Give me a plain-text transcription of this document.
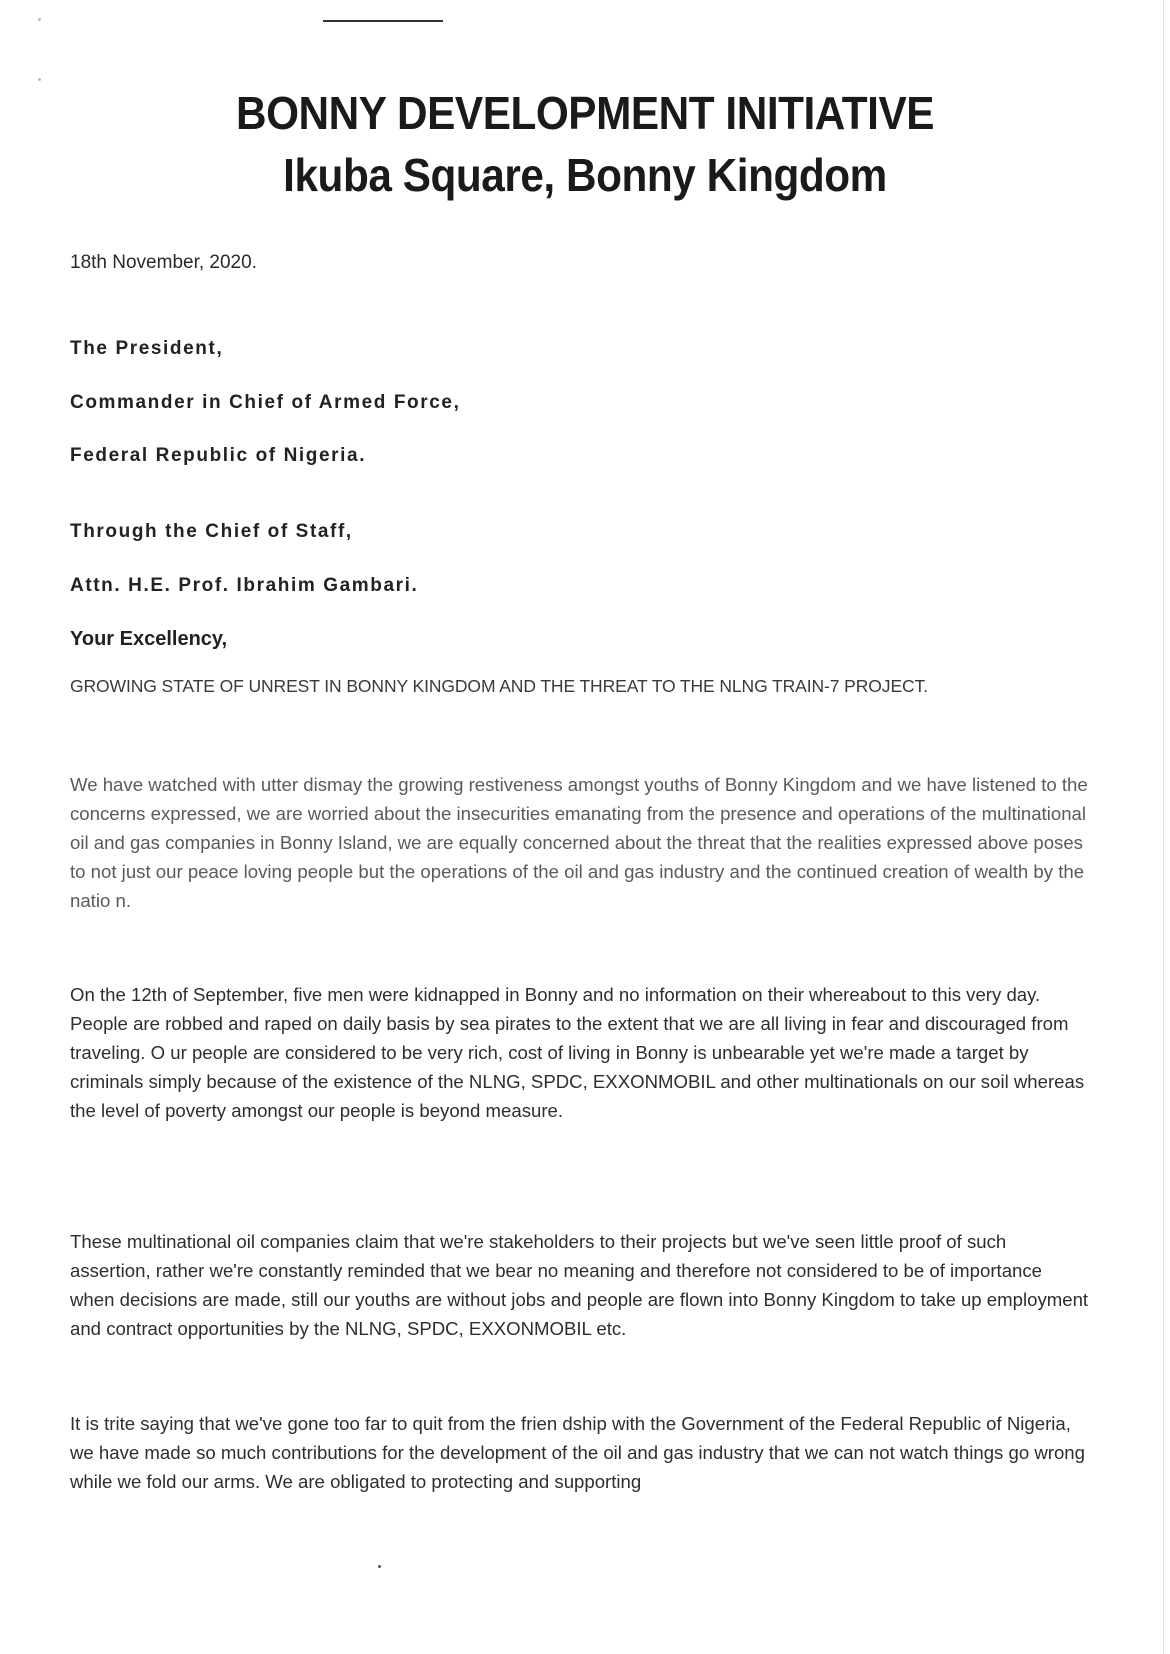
BONNY DEVELOPMENT INITIATIVE
Ikuba Square, Bonny Kingdom
18th November, 2020.
The President,
Commander in Chief of Armed Force,
Federal Republic of Nigeria.
Through the Chief of Staff,
Attn. H.E. Prof. Ibrahim Gambari.
Your Excellency,
GROWING STATE OF UNREST IN BONNY KINGDOM AND THE THREAT TO THE NLNG TRAIN-7 PROJECT.
We have watched with utter dismay the growing restiveness amongst youths of Bonny Kingdom and we have listened to the concerns expressed, we are worried about the insecurities emanating from the presence and operations of the multinational oil and gas companies in Bonny Island, we are equally concerned about the threat that the realities expressed above poses to not just our peace loving people but the operations of the oil and gas industry and the continued creation of wealth by the natio n.
On the 12th of September, five men were kidnapped in Bonny and no information on their whereabout to this very day. People are robbed and raped on daily basis by sea pirates to the extent that we are all living in fear and discouraged from traveling. O ur people are considered to be very rich, cost of living in Bonny is unbearable yet we're made a target by criminals simply because of the existence of the NLNG, SPDC, EXXONMOBIL and other multinationals on our soil whereas the level of poverty amongst our people is beyond measure.
These multinational oil companies claim that we're stakeholders to their projects but we've seen little proof of such assertion, rather we're constantly reminded that we bear no meaning and therefore not considered to be of importance when decisions are made, still our youths are without jobs and people are flown into Bonny Kingdom to take up employment and contract opportunities by the NLNG, SPDC, EXXONMOBIL etc.
It is trite saying that we've gone too far to quit from the frien dship with the Government of the Federal Republic of Nigeria, we have made so much contributions for the development of the oil and gas industry that we can not watch things go wrong while we fold our arms. We are obligated to protecting and supporting
